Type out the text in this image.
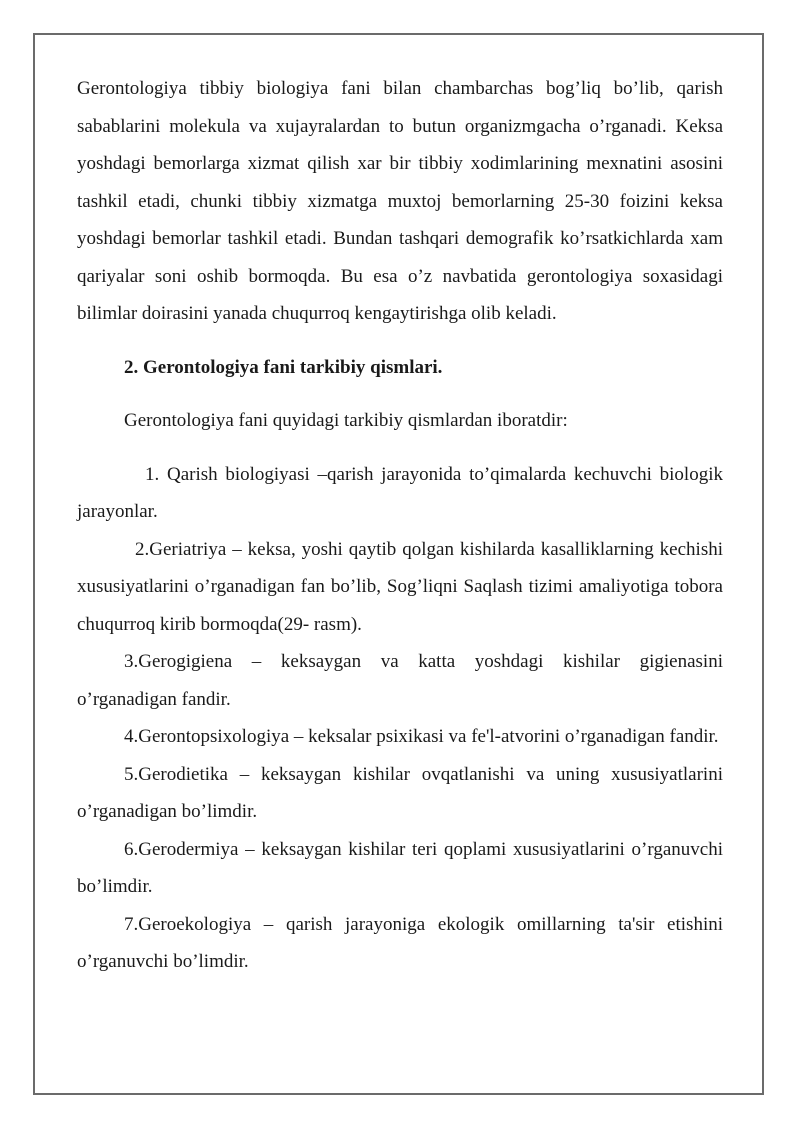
Gerontologiya tibbiy biologiya fani bilan chambarchas bog’liq bo’lib, qarish sabablarini molekula va xujayralardan to butun organizmgacha o’rganadi. Keksa yoshdagi bemorlarga xizmat qilish xar bir tibbiy xodimlarining mexnatini asosini tashkil etadi, chunki tibbiy xizmatga muxtoj bemorlarning 25-30 foizini keksa yoshdagi bemorlar tashkil etadi. Bundan tashqari demografik ko’rsatkichlarda xam qariyalar soni oshib bormoqda. Bu esa o’z navbatida gerontologiya soxasidagi bilimlar doirasini yanada chuqurroq kengaytirishga olib keladi.

2. Gerontologiya fani tarkibiy qismlari.

Gerontologiya fani quyidagi tarkibiy qismlardan iboratdir:

1. Qarish biologiyasi –qarish jarayonida to’qimalarda kechuvchi biologik jarayonlar.

2.Geriatriya – keksa, yoshi qaytib qolgan kishilarda kasalliklarning kechishi xususiyatlarini o’rganadigan fan bo’lib, Sog’liqni Saqlash tizimi amaliyotiga tobora chuqurroq kirib bormoqda(29- rasm).

3.Gerogigiena – keksaygan va katta yoshdagi kishilar gigienasini o’rganadigan fandir.

4.Gerontopsixologiya – keksalar psixikasi va fe'l-atvorini o’rganadigan fandir.

5.Gerodietika – keksaygan kishilar ovqatlanishi va uning xususiyatlarini o’rganadigan bo’limdir.

6.Gerodermiya – keksaygan kishilar teri qoplami xususiyatlarini o’rganuvchi bo’limdir.

7.Geroekologiya – qarish jarayoniga ekologik omillarning ta'sir etishini o’rganuvchi bo’limdir.
